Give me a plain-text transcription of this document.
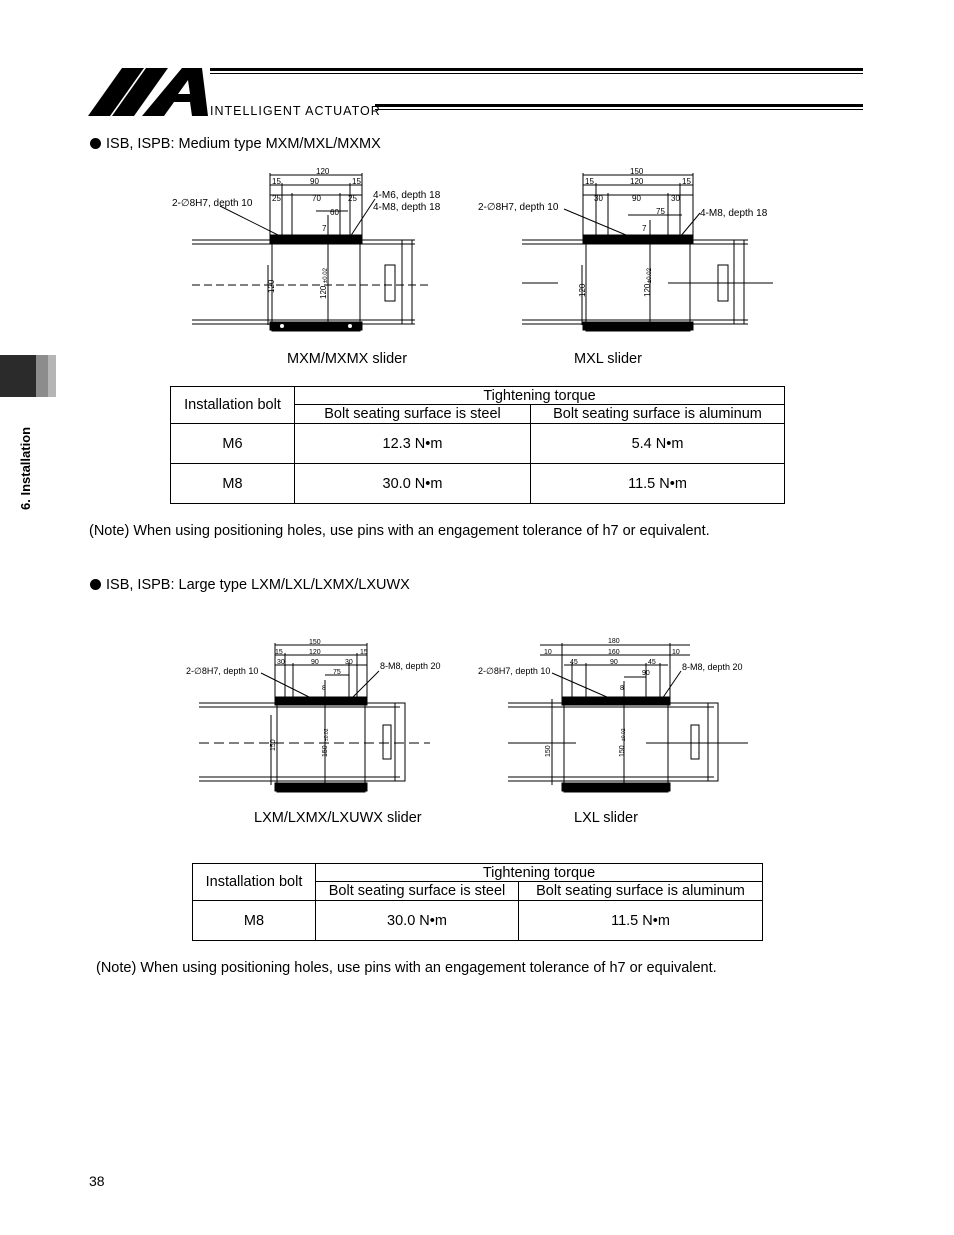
INTELLIGENT ACTUATOR
6. Installation
ISB, ISPB: Medium type MXM/MXL/MXMX
120
15	90	15
25	70	25
60
7
2-∅8H7, depth 10
4-M6, depth 18
4-M8, depth 18
120	120
±0.02
150
15	120	15
30	90	30
75
7
2-∅8H7, depth 10
4-M8, depth 18
120	120
±0.02
MXM/MXMX slider	MXL slider
Installation bolt	Tightening torque	
	Bolt seating surface is steel	Bolt seating surface is aluminum
M6	12.3 N•m	5.4 N•m
M8	30.0 N•m	11.5 N•m
(Note) When using positioning holes, use pins with an engagement tolerance of h7 or equivalent.
ISB, ISPB: Large type LXM/LXL/LXMX/LXUWX
150
15	120	15
30	90	30
75
8
2-∅8H7, depth 10	8-M8, depth 20
150
150
±0.02
180
10	160	10
45	90	45
90
8
2-∅8H7, depth 10	8-M8, depth 20
150	150
±0.02
LXM/LXMX/LXUWX slider	LXL slider
Installation bolt	Tightening torque	
	Bolt seating surface is steel	Bolt seating surface is aluminum
M8	30.0 N•m	11.5 N•m
(Note) When using positioning holes, use pins with an engagement tolerance of h7 or equivalent.
38
